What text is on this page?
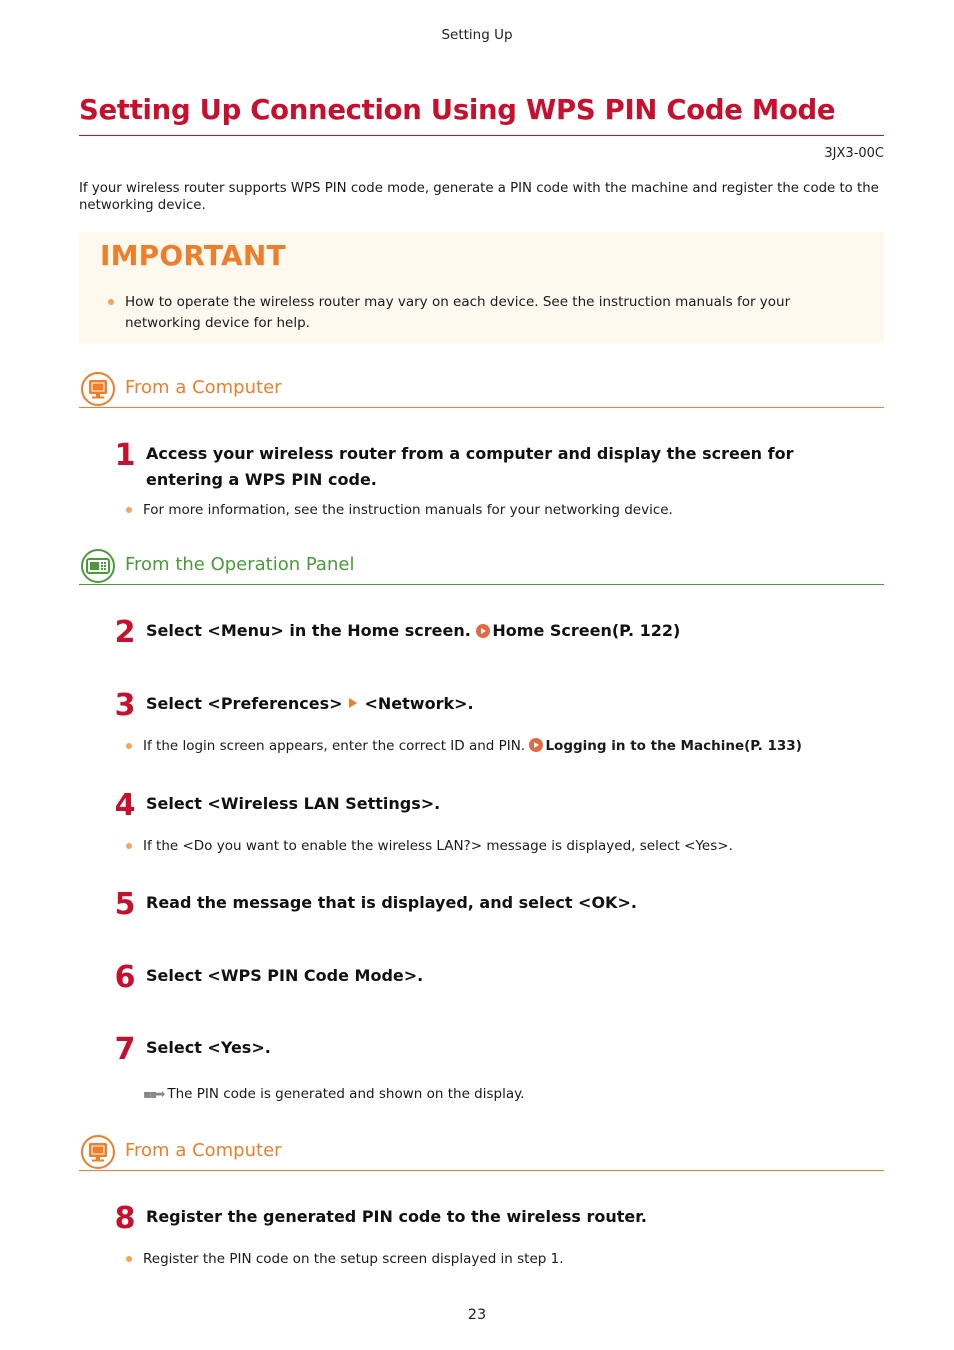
Setting Up
Setting Up Connection Using WPS PIN Code Mode
3JX3-00C
If your wireless router supports WPS PIN code mode, generate a PIN code with the machine and register the code to the networking device.
IMPORTANT
How to operate the wireless router may vary on each device. See the instruction manuals for your networking device for help.
From a Computer
1 Access your wireless router from a computer and display the screen for entering a WPS PIN code.
For more information, see the instruction manuals for your networking device.
From the Operation Panel
2 Select <Menu> in the Home screen. Home Screen(P. 122)
3 Select <Preferences> <Network>.
If the login screen appears, enter the correct ID and PIN. Logging in to the Machine(P. 133)
4 Select <Wireless LAN Settings>.
If the <Do you want to enable the wireless LAN?> message is displayed, select <Yes>.
5 Read the message that is displayed, and select <OK>.
6 Select <WPS PIN Code Mode>.
7 Select <Yes>.
▪▪➡ The PIN code is generated and shown on the display.
From a Computer
8 Register the generated PIN code to the wireless router.
Register the PIN code on the setup screen displayed in step 1.
23
